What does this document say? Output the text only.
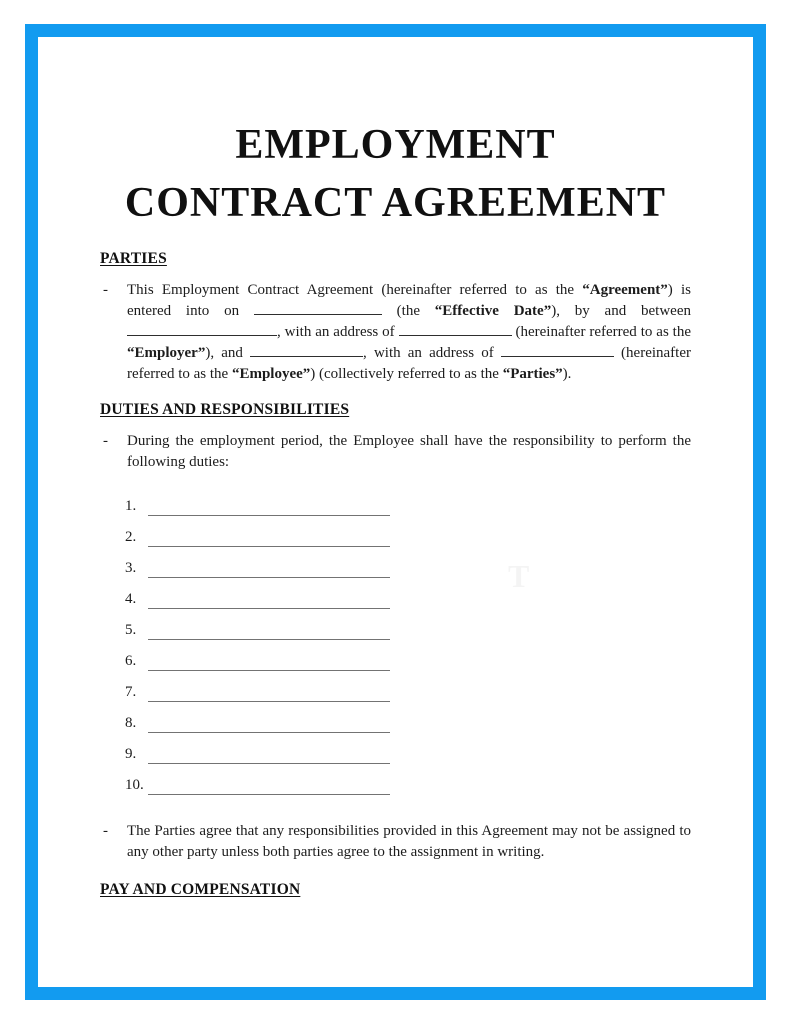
EMPLOYMENT
CONTRACT AGREEMENT
PARTIES
-	This Employment Contract Agreement (hereinafter referred to as the “Agreement”) is entered into on	(the “Effective Date”), by and between , with an address of	(hereinafter referred to as the “Employer”), and	, with an address of	(hereinafter referred to as the “Employee”) (collectively referred to as the “Parties”).
DUTIES AND RESPONSIBILITIES
-	During the employment period, the Employee shall have the responsibility to perform the following duties:
1.
2.
3.
4.
5.
6.
7.
8.
9.
10.
-	The Parties agree that any responsibilities provided in this Agreement may not be assigned to any other party unless both parties agree to the assignment in writing.
PAY AND COMPENSATION
